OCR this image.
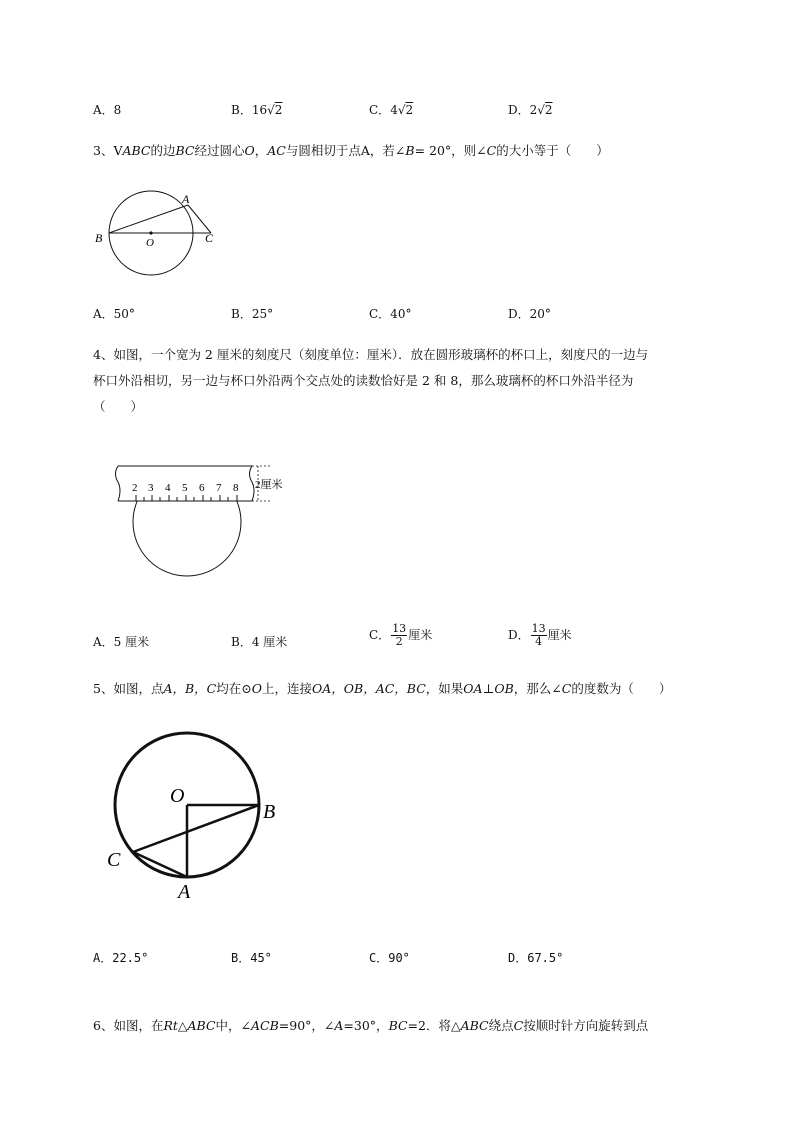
A．8	B．16√2	C．4√2	D．2√2
3、VABC的边BC经过圆心O，AC与圆相切于点A，若∠B= 20°，则∠C的大小等于（　　）
A
B	O	C
A．50°	B．25°	C．40°	D．20°
4、如图，一个宽为 2 厘米的刻度尺（刻度单位：厘米）．放在圆形玻璃杯的杯口上，刻度尺的一边与
杯口外沿相切，另一边与杯口外沿两个交点处的读数恰好是 2 和 8，那么玻璃杯的杯口外沿半径为
（　　）
2 3 4 5 6 7 8 2厘米
A．5 厘米	B．4 厘米	C． $\frac{13}{2}$ 厘米	D． $\frac{13}{4}$ 厘米
5、如图，点A，B，C均在⊙O上，连接OA，OB，AC，BC，如果OA⊥OB，那么∠C的度数为（　　）
O
B
C
A
A．22.5°	B．45°	C．90°	D．67.5°
6、如图，在Rt△ABC中，∠ACB=90°，∠A=30°，BC=2．将△ABC绕点C按顺时针方向旋转到点
